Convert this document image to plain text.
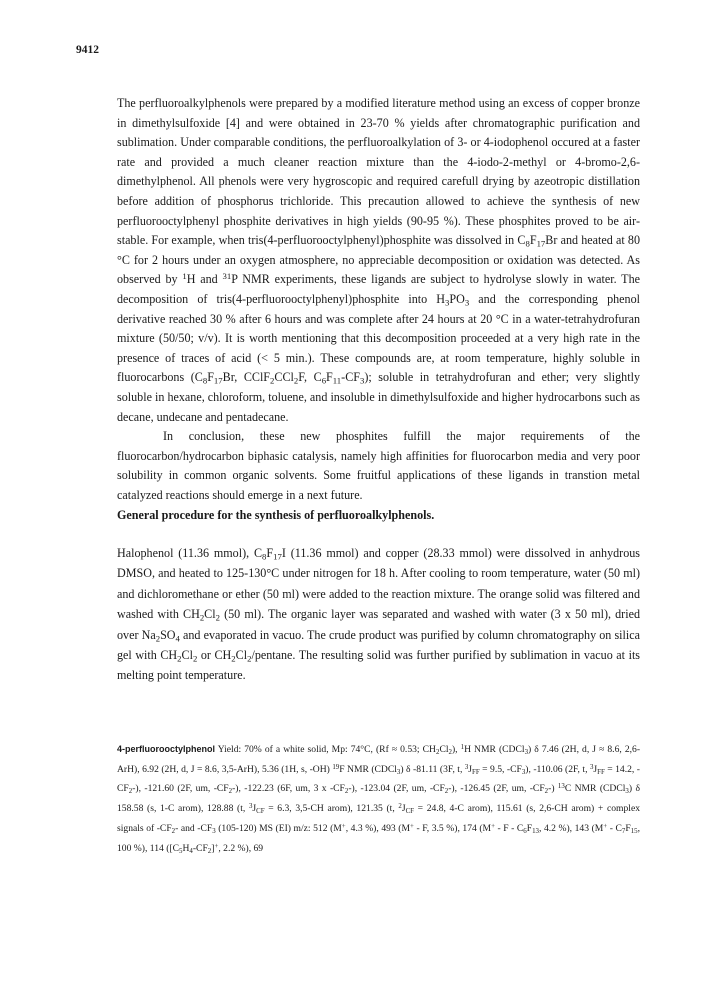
9412

The perfluoroalkylphenols were prepared by a modified literature method using an excess of copper bronze in dimethylsulfoxide [4] and were obtained in 23-70 % yields after chromatographic purification and sublimation. Under comparable conditions, the perfluoroalkylation of 3- or 4-iodophenol occured at a faster rate and provided a much cleaner reaction mixture than the 4-iodo-2-methyl or 4-bromo-2,6-dimethylphenol. All phenols were very hygroscopic and required carefull drying by azeotropic distillation before addition of phosphorus trichloride. This precaution allowed to achieve the synthesis of new perfluorooctylphenyl phosphite derivatives in high yields (90-95 %). These phosphites proved to be air-stable. For example, when tris(4-perfluorooctylphenyl)phosphite was dissolved in $C_8F_{17}Br$ and heated at 80 °C for 2 hours under an oxygen atmosphere, no appreciable decomposition or oxidation was detected. As observed by $^1$H and $^{31}$P NMR experiments, these ligands are subject to hydrolyse slowly in water. The decomposition of tris(4-perfluorooctylphenyl)phosphite into $H_3PO_3$ and the corresponding phenol derivative reached 30 % after 6 hours and was complete after 24 hours at 20 °C in a water-tetrahydrofuran mixture (50/50; v/v). It is worth mentioning that this decomposition proceeded at a very high rate in the presence of traces of acid (< 5 min.). These compounds are, at room temperature, highly soluble in fluorocarbons ($C_8F_{17}Br$, CClF$_2$CCl$_2$F, $C_6F_{11}-CF_3$); soluble in tetrahydrofuran and ether; very slightly soluble in hexane, chloroform, toluene, and insoluble in dimethylsulfoxide and higher hydrocarbons such as decane, undecane and pentadecane.

In conclusion, these new phosphites fulfill the major requirements of the fluorocarbon/hydrocarbon biphasic catalysis, namely high affinities for fluorocarbon media and very poor solubility in common organic solvents. Some fruitful applications of these ligands in transtion metal catalyzed reactions should emerge in a next future.

General procedure for the synthesis of perfluoroalkylphenols.
Halophenol (11.36 mmol), $C_8F_{17}I$ (11.36 mmol) and copper (28.33 mmol) were dissolved in anhydrous DMSO, and heated to 125-130°C under nitrogen for 18 h. After cooling to room temperature, water (50 ml) and dichloromethane or ether (50 ml) were added to the reaction mixture. The orange solid was filtered and washed with $CH_2Cl_2$ (50 ml). The organic layer was separated and washed with water (3 x 50 ml), dried over $Na_2SO_4$ and evaporated in vacuo. The crude product was purified by column chromatography on silica gel with $CH_2Cl_2$ or $CH_2Cl_2$/pentane. The resulting solid was further purified by sublimation in vacuo at its melting point temperature.
4-perfluorooctylphenol Yield: 70% of a white solid, Mp: 74°C, (Rf ≈ 0.53; $CH_2Cl_2$), $^1$H NMR (CDCl$_3$) δ 7.46 (2H, d, J ≈ 8.6, 2,6-ArH), 6.92 (2H, d, J = 8.6, 3,5-ArH), 5.36 (1H, s, -OH) $^{19}$F NMR (CDCl$_3$) δ -81.11 (3F, t, $^3J_{FF} = 9.5$, $-CF_3$), -110.06 (2F, t, $^3J_{FF} = 14.2$, $-CF_2-$), -121.60 (2F, um, $-CF_2-$), -122.23 (6F, um, 3 x $-CF_2-$), -123.04 (2F, um, $-CF_2-$), -126.45 (2F, um, $-CF_2-$) $^{13}$C NMR (CDCl$_3$) δ 158.58 (s, 1-C arom), 128.88 (t, $^3J_{CF} = 6.3$, 3,5-CH arom), 121.35 (t, $^2J_{CF} = 24.8$, 4-C arom), 115.61 (s, 2,6-CH arom) + complex signals of $-CF_2-$ and $-CF_3$ (105-120) MS (EI) m/z: 512 (M+, 4.3 %), 493 (M+ - F, 3.5 %), 174 (M+ - F - $C_6F_{13}$, 4.2 %), 143 ($M^+ - C_7F_{15}$, 100 %), 114 ($[C_5H_4-CF_2]^+$, 2.2 %), 69
